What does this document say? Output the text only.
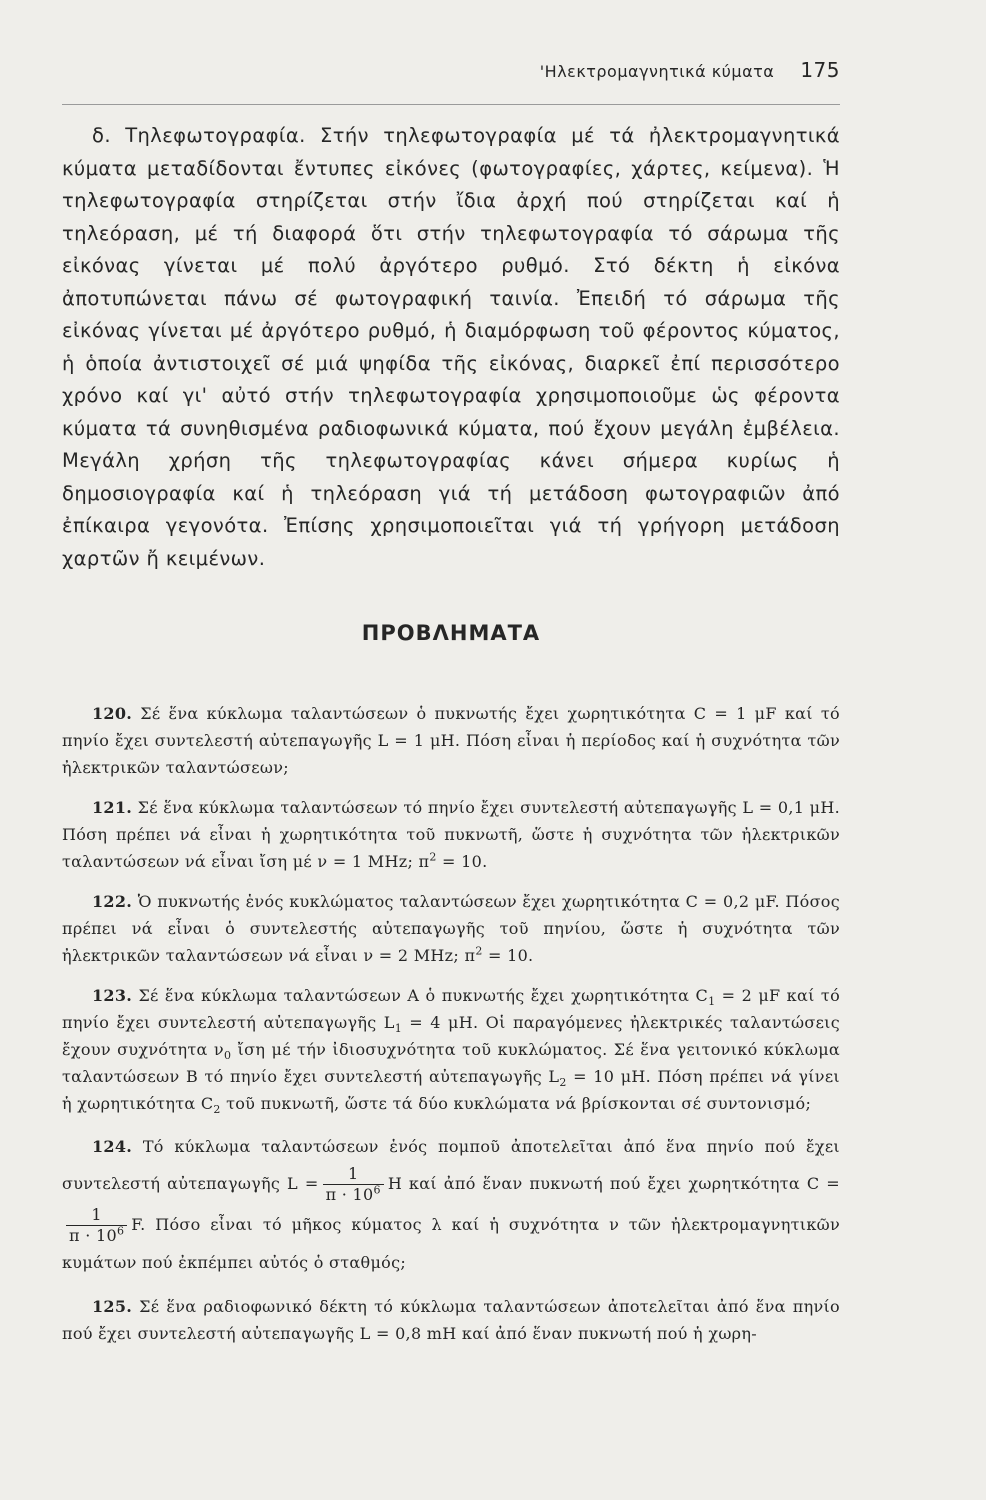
'Ηλεκτρομαγνητικά κύματα 175

δ. Τηλεφωτογραφία. Στήν τηλεφωτογραφία μέ τά ἠλεκτρομαγνητικά κύματα μεταδίδονται ἔντυπες εἰκόνες (φωτογραφίες, χάρτες, κείμενα). Ἡ τηλεφωτογραφία στηρίζεται στήν ἴδια ἀρχή πού στηρίζεται καί ἡ τηλεόραση, μέ τή διαφορά ὅτι στήν τηλεφωτογραφία τό σάρωμα τῆς εἰκόνας γίνεται μέ πολύ ἀργότερο ρυθμό. Στό δέκτη ἡ εἰκόνα ἀποτυπώνεται πάνω σέ φωτογραφική ταινία. Ἐπειδή τό σάρωμα τῆς εἰκόνας γίνεται μέ ἀργότερο ρυθμό, ἡ διαμόρφωση τοῦ φέροντος κύματος, ἡ ὁποία ἀντιστοιχεῖ σέ μιά ψηφίδα τῆς εἰκόνας, διαρκεῖ ἐπί περισσότερο χρόνο καί γι' αὐτό στήν τηλεφωτογραφία χρησιμοποιοῦμε ὡς φέροντα κύματα τά συνηθισμένα ραδιοφωνικά κύματα, πού ἔχουν μεγάλη ἐμβέλεια. Μεγάλη χρήση τῆς τηλεφωτογραφίας κάνει σήμερα κυρίως ἡ δημοσιογραφία καί ἡ τηλεόραση γιά τή μετάδοση φωτογραφιῶν ἀπό ἐπίκαιρα γεγονότα. Ἐπίσης χρησιμοποιεῖται γιά τή γρήγορη μετάδοση χαρτῶν ἤ κειμένων.

ΠΡΟΒΛΗΜΑΤΑ

120. Σέ ἕνα κύκλωμα ταλαντώσεων ὁ πυκνωτής ἔχει χωρητικότητα C = 1 μF καί τό πηνίο ἔχει συντελεστή αὐτεπαγωγῆς L = 1 μH. Πόση εἶναι ἡ περίοδος καί ἡ συχνότητα τῶν ἠλεκτρικῶν ταλαντώσεων;

121. Σέ ἕνα κύκλωμα ταλαντώσεων τό πηνίο ἔχει συντελεστή αὐτεπαγωγῆς L = 0,1 μH. Πόση πρέπει νά εἶναι ἡ χωρητικότητα τοῦ πυκνωτῆ, ὥστε ἡ συχνότητα τῶν ἠλεκτρικῶν ταλαντώσεων νά εἶναι ἴση μέ ν = 1 MHz; $\pi^2 = 10$.

122. Ὁ πυκνωτής ἑνός κυκλώματος ταλαντώσεων ἔχει χωρητικότητα C = 0,2 μF. Πόσος πρέπει νά εἶναι ὁ συντελεστής αὐτεπαγωγῆς τοῦ πηνίου, ὥστε ἡ συχνότητα τῶν ἠλεκτρικῶν ταλαντώσεων νά εἶναι ν = 2 MHz; $\pi^2 = 10$.

123. Σέ ἕνα κύκλωμα ταλαντώσεων A ὁ πυκνωτής ἔχει χωρητικότητα $C_1 = 2$ μF καί τό πηνίο ἔχει συντελεστή αὐτεπαγωγῆς $L_1 = 4$ μH. Οἱ παραγόμενες ἠλεκτρικές ταλαντώσεις ἔχουν συχνότητα $\nu_0$ ἴση μέ τήν ἰδιοσυχνότητα τοῦ κυκλώματος. Σέ ἕνα γειτονικό κύκλωμα ταλαντώσεων B τό πηνίο ἔχει συντελεστή αὐτεπαγωγῆς $L_2 = 10$ μH. Πόση πρέπει νά γίνει ἡ χωρητικότητα $C_2$ τοῦ πυκνωτῆ, ὥστε τά δύο κυκλώματα νά βρίσκονται σέ συντονισμό;

124. Τό κύκλωμα ταλαντώσεων ἑνός πομποῦ ἀποτελεῖται ἀπό ἕνα πηνίο πού ἔχει συντελεστή αὐτεπαγωγῆς $L = \frac{1}{\pi \cdot 10^6}$ H καί ἀπό ἕναν πυκνωτή πού ἔχει χωρητκότητα C =
$\frac{1}{\pi \cdot 10^6} F$. Πόσο εἶναι τό μῆκος κύματος λ καί ἡ συχνότητα ν τῶν ἠλεκτρομαγνητικῶν κυμάτων πού ἐκπέμπει αὐτός ὁ σταθμός;

125. Σέ ἕνα ραδιοφωνικό δέκτη τό κύκλωμα ταλαντώσεων ἀποτελεῖται ἀπό ἕνα πηνίο πού ἔχει συντελεστή αὐτεπαγωγῆς L = 0,8 mH καί ἀπό ἕναν πυκνωτή πού ἡ χωρη-
